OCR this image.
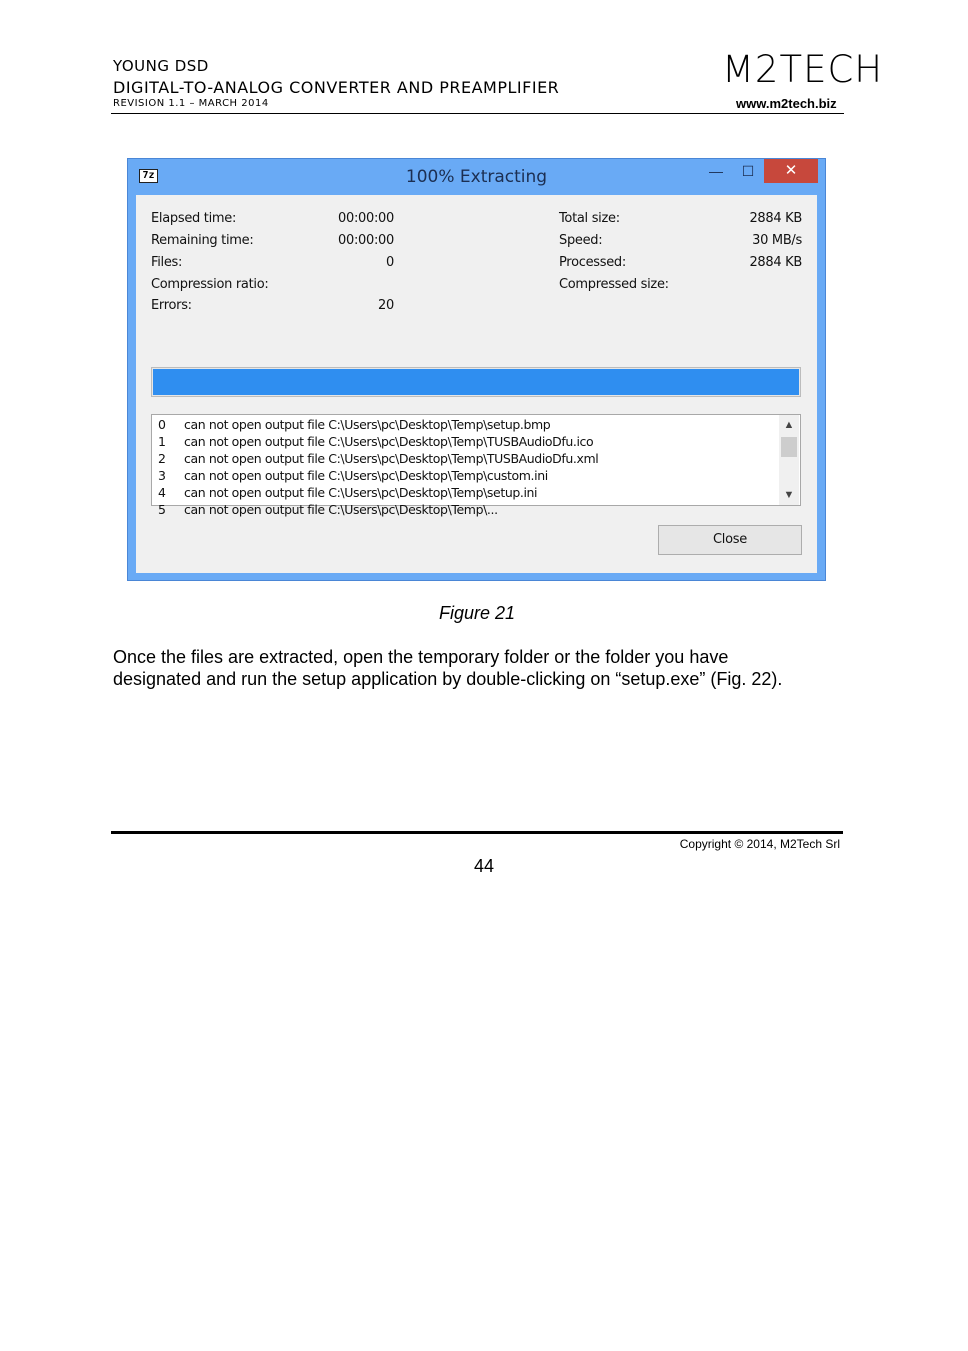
YOUNG DSD
DIGITAL-TO-ANALOG CONVERTER AND PREAMPLIFIER
REVISION 1.1 – MARCH 2014
M2TECH
www.m2tech.biz
7z	100% Extracting	—	☐	✕
Elapsed time:	00:00:00
Remaining time:	00:00:00
Files:	0
Compression ratio:
Errors:	20
Total size:	2884 KB
Speed:	30 MB/s
Processed:	2884 KB
Compressed size:
0 can not open output file C:\Users\pc\Desktop\Temp\setup.bmp
1 can not open output file C:\Users\pc\Desktop\Temp\TUSBAudioDfu.ico
2 can not open output file C:\Users\pc\Desktop\Temp\TUSBAudioDfu.xml
3 can not open output file C:\Users\pc\Desktop\Temp\custom.ini
4 can not open output file C:\Users\pc\Desktop\Temp\setup.ini
5 can not open output file C:\Users\pc\Desktop\Temp\...
▲
▼
Close
Figure 21
Once the files are extracted, open the temporary folder or the folder you have
designated and run the setup application by double-clicking on “setup.exe” (Fig. 22).
Copyright © 2014, M2Tech Srl
44
